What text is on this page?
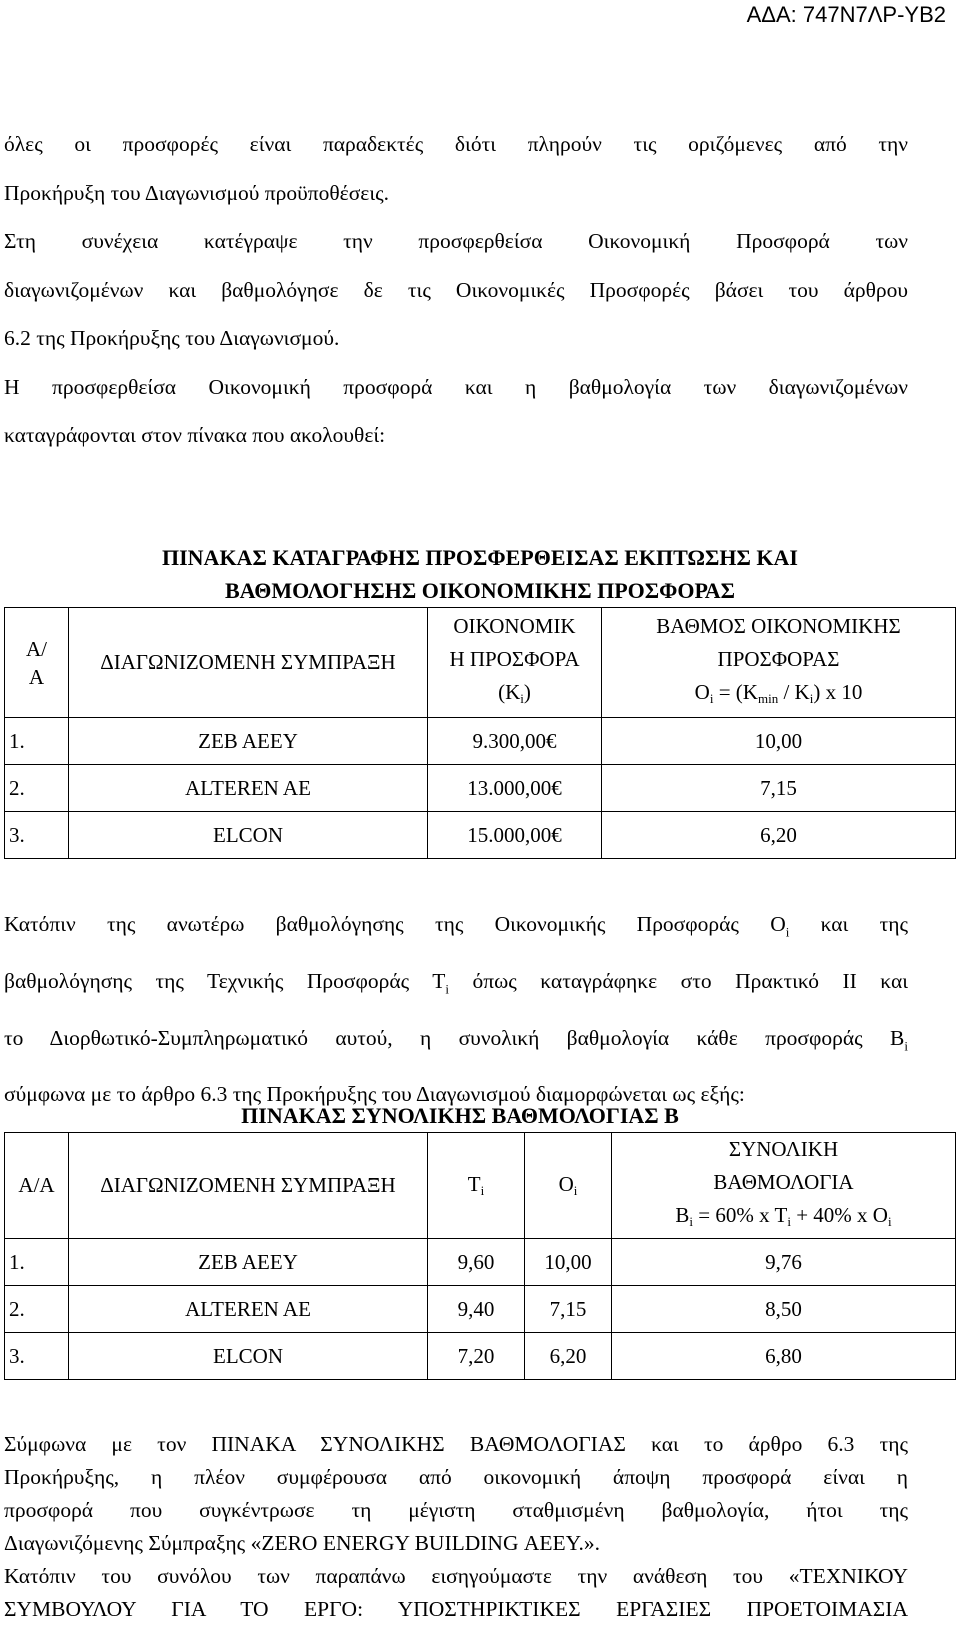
ΑΔΑ: 747Ν7ΛΡ-ΥΒ2
όλες οι προσφορές είναι παραδεκτές διότι πληρούν τις οριζόμενες από την
Προκήρυξη του Διαγωνισμού προϋποθέσεις.
Στη συνέχεια κατέγραψε την προσφερθείσα Οικονομική Προσφορά των
διαγωνιζομένων και βαθμολόγησε δε τις Οικονομικές Προσφορές βάσει του άρθρου
6.2 της Προκήρυξης του Διαγωνισμού.
Η προσφερθείσα Οικονομική προσφορά και η βαθμολογία των διαγωνιζομένων
καταγράφονται στον πίνακα που ακολουθεί:
ΠΙΝΑΚΑΣ ΚΑΤΑΓΡΑΦΗΣ ΠΡΟΣΦΕΡΘΕΙΣΑΣ ΕΚΠΤΩΣΗΣ ΚΑΙ
ΒΑΘΜΟΛΟΓΗΣΗΣ ΟΙΚΟΝΟΜΙΚΗΣ ΠΡΟΣΦΟΡΑΣ
Α/
Α	ΔΙΑΓΩΝΙΖΟΜΕΝΗ ΣΥΜΠΡΑΞΗ	ΟΙΚΟΝΟΜΙΚ
Η ΠΡΟΣΦΟΡΑ
$(K_i)$	ΒΑΘΜΟΣ ΟΙΚΟΝΟΜΙΚΗΣ
ΠΡΟΣΦΟΡΑΣ
$O_i = (K_{min} / K_i)$ x 10
1.	ΖΕΒ ΑΕΕΥ	9.300,00€	10,00
2.	ALTEREN AE	13.000,00€	7,15
3.	ELCON	15.000,00€	6,20
Κατόπιν της ανωτέρω βαθμολόγησης της Οικονομικής Προσφοράς $O_i$ και της
βαθμολόγησης της Τεχνικής Προσφοράς $T_i$ όπως καταγράφηκε στο Πρακτικό ΙΙ και
το Διορθωτικό-Συμπληρωματικό αυτού, η συνολική βαθμολογία κάθε προσφοράς $B_i$
σύμφωνα με το άρθρο 6.3 της Προκήρυξης του Διαγωνισμού διαμορφώνεται ως εξής:
ΠΙΝΑΚΑΣ ΣΥΝΟΛΙΚΗΣ ΒΑΘΜΟΛΟΓΙΑΣ Β
Α/Α	ΔΙΑΓΩΝΙΖΟΜΕΝΗ ΣΥΜΠΡΑΞΗ	$T_i$	$O_i$	ΣΥΝΟΛΙΚΗ
ΒΑΘΜΟΛΟΓΙΑ
$B_i = 60\%$ x $T_i + 40\%$ x $O_i$
1.	ΖΕΒ ΑΕΕΥ	9,60	10,00	9,76
2.	ALTEREN AE	9,40	7,15	8,50
3.	ELCON	7,20	6,20	6,80
Σύμφωνα με τον ΠΙΝΑΚΑ ΣΥΝΟΛΙΚΗΣ ΒΑΘΜΟΛΟΓΙΑΣ και το άρθρο 6.3 της
Προκήρυξης, η πλέον συμφέρουσα από οικονομική άποψη προσφορά είναι η
προσφορά που συγκέντρωσε τη μέγιστη σταθμισμένη βαθμολογία, ήτοι της
Διαγωνιζόμενης Σύμπραξης «ZERO ENERGY BUILDING ΑΕΕΥ.».
Κατόπιν του συνόλου των παραπάνω εισηγούμαστε την ανάθεση του «ΤΕΧΝΙΚΟΥ
ΣΥΜΒΟΥΛΟΥ ΓΙΑ ΤΟ ΕΡΓΟ: ΥΠΟΣΤΗΡΙΚΤΙΚΕΣ ΕΡΓΑΣΙΕΣ ΠΡΟΕΤΟΙΜΑΣΙΑ
